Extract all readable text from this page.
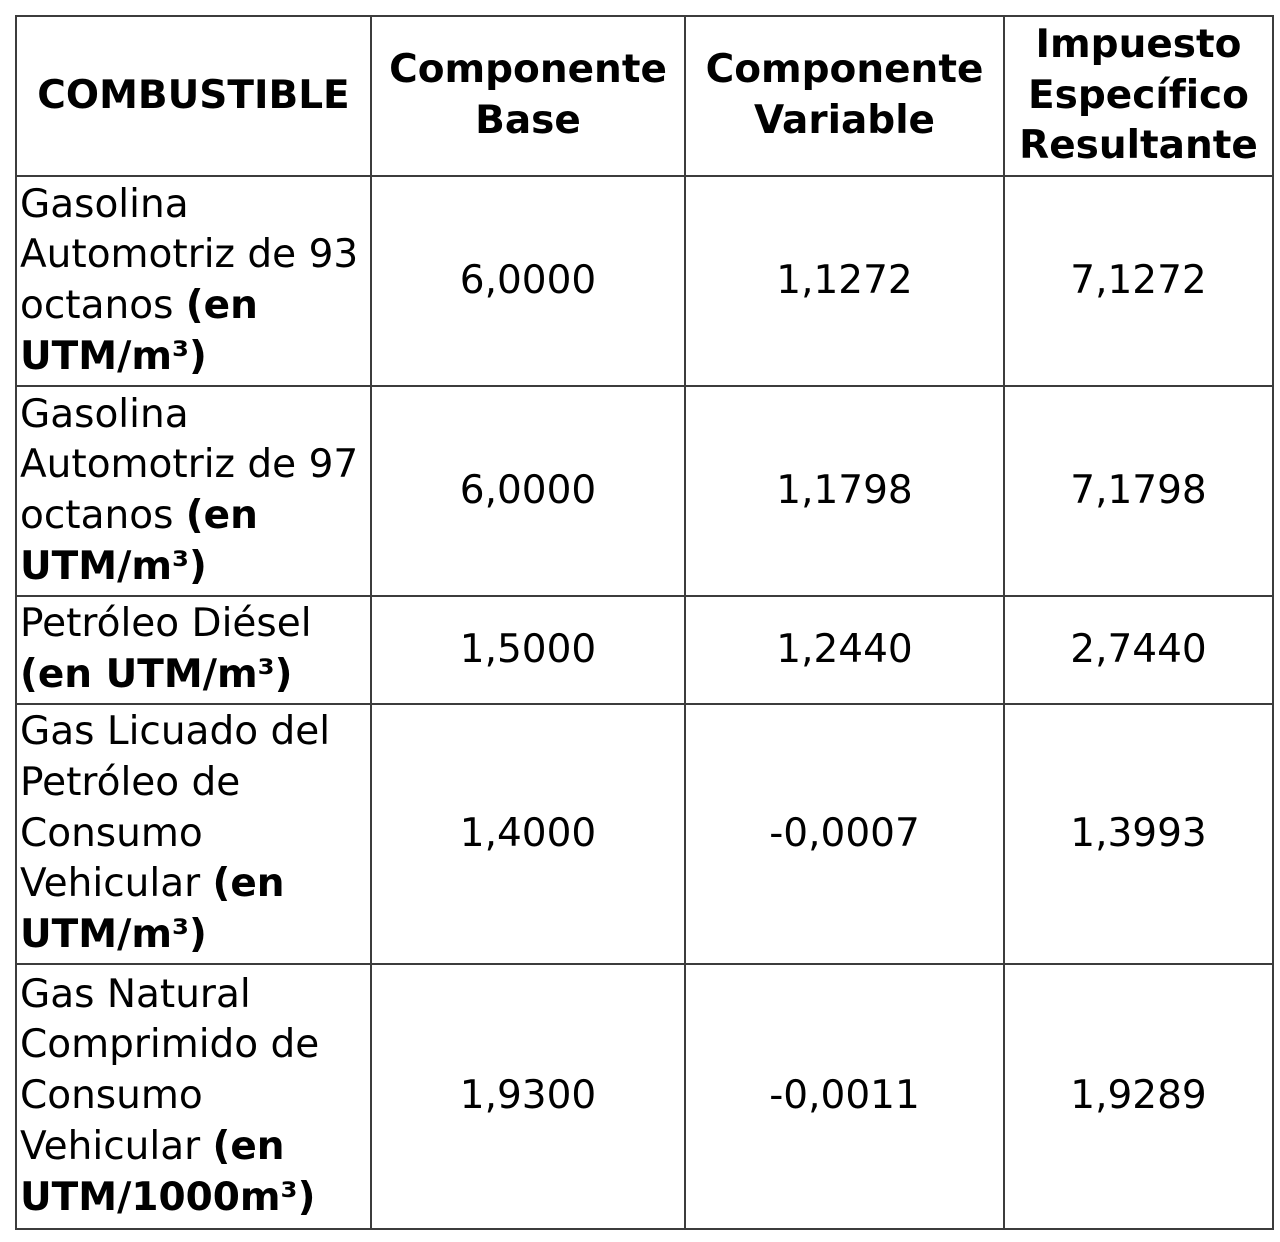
COMBUSTIBLE	Componente Base	Componente Variable	Impuesto Específico Resultante
Gasolina Automotriz de 93 octanos (en UTM/m³)	6,0000	1,1272	7,1272
Gasolina Automotriz de 97 octanos (en UTM/m³)	6,0000	1,1798	7,1798
Petróleo Diésel (en UTM/m³)	1,5000	1,2440	2,7440
Gas Licuado del Petróleo de Consumo Vehicular (en UTM/m³)	1,4000	-0,0007	1,3993
Gas Natural Comprimido de Consumo Vehicular (en UTM/1000m³)	1,9300	-0,0011	1,9289
